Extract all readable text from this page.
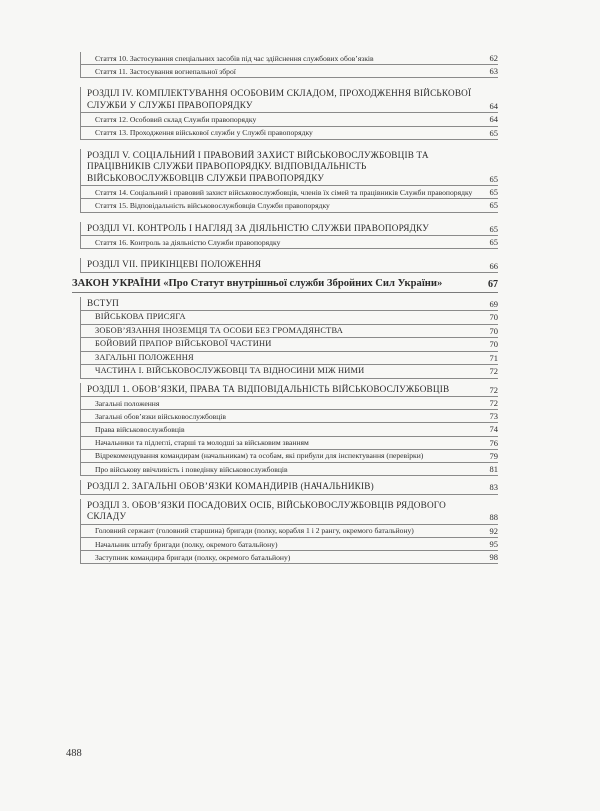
Стаття 10. Застосування спеціальних засобів під час здійснення службових обов’язків	62
Стаття 11. Застосування вогнепальної зброї	63
РОЗДІЛ IV. КОМПЛЕКТУВАННЯ ОСОБОВИМ СКЛАДОМ, ПРОХОДЖЕННЯ ВІЙСЬКОВОЇ СЛУЖБИ У СЛУЖБІ ПРАВОПОРЯДКУ	64
Стаття 12. Особовий склад Служби правопорядку	64
Стаття 13. Проходження військової служби у Службі правопорядку	65
РОЗДІЛ V. СОЦІАЛЬНИЙ І ПРАВОВИЙ ЗАХИСТ ВІЙСЬКОВОСЛУЖБОВЦІВ ТА ПРАЦІВНИКІВ СЛУЖБИ ПРАВОПОРЯДКУ. ВІДПОВІДАЛЬНІСТЬ ВІЙСЬКОВОСЛУЖБОВЦІВ СЛУЖБИ ПРАВОПОРЯДКУ	65
Стаття 14. Соціальний і правовий захист військовослужбовців, членів їх сімей та працівників Служби правопорядку	65
Стаття 15. Відповідальність військовослужбовців Служби правопорядку	65
РОЗДІЛ VI. КОНТРОЛЬ І НАГЛЯД ЗА ДІЯЛЬНІСТЮ СЛУЖБИ ПРАВОПОРЯДКУ	65
Стаття 16. Контроль за діяльністю Служби правопорядку	65
РОЗДІЛ VII. ПРИКІНЦЕВІ ПОЛОЖЕННЯ	66
ЗАКОН УКРАЇНИ «Про Статут внутрішньої служби Збройних Сил України»	67
ВСТУП	69
ВІЙСЬКОВА ПРИСЯГА	70
ЗОБОВ’ЯЗАННЯ ІНОЗЕМЦЯ ТА ОСОБИ БЕЗ ГРОМАДЯНСТВА	70
БОЙОВИЙ ПРАПОР ВІЙСЬКОВОЇ ЧАСТИНИ	70
ЗАГАЛЬНІ ПОЛОЖЕННЯ	71
ЧАСТИНА І. ВІЙСЬКОВОСЛУЖБОВЦІ ТА ВІДНОСИНИ МІЖ НИМИ	72
РОЗДІЛ 1. ОБОВ’ЯЗКИ, ПРАВА ТА ВІДПОВІДАЛЬНІСТЬ ВІЙСЬКОВОСЛУЖБОВЦІВ	72
Загальні положення	72
Загальні обов’язки військовослужбовців	73
Права військовослужбовців	74
Начальники та підлеглі, старші та молодші за військовим званням	76
Відрекомендування командирам (начальникам) та особам, які прибули для інспектування (перевірки)	79
Про військову ввічливість і поведінку військовослужбовців	81
РОЗДІЛ 2. ЗАГАЛЬНІ ОБОВ’ЯЗКИ КОМАНДИРІВ (НАЧАЛЬНИКІВ)	83
РОЗДІЛ 3. ОБОВ’ЯЗКИ ПОСАДОВИХ ОСІБ, ВІЙСЬКОВОСЛУЖБОВЦІВ РЯДОВОГО СКЛАДУ	88
Головний сержант (головний старшина) бригади (полку, корабля 1 і 2 рангу, окремого батальйону)	92
Начальник штабу бригади (полку, окремого батальйону)	95
Заступник командира бригади (полку, окремого батальйону)	98
488
